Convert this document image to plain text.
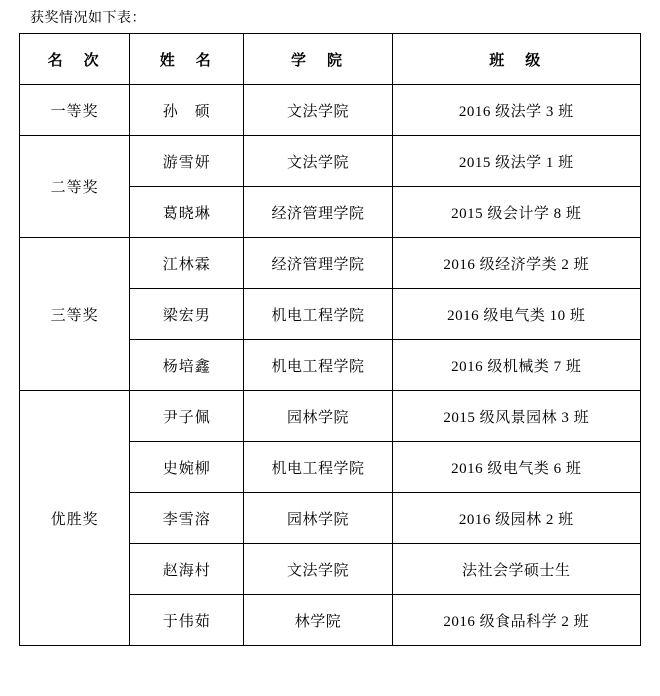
获奖情况如下表：
名　次	姓　名	学　院	班　级
一等奖	孙　硕	文法学院	2016 级法学 3 班
二等奖	游雪妍	文法学院	2015 级法学 1 班
	葛晓琳	经济管理学院	2015 级会计学 8 班
三等奖	江林霖	经济管理学院	2016 级经济学类 2 班
	梁宏男	机电工程学院	2016 级电气类 10 班
	杨培鑫	机电工程学院	2016 级机械类 7 班
优胜奖	尹子佩	园林学院	2015 级风景园林 3 班
	史婉柳	机电工程学院	2016 级电气类 6 班
	李雪溶	园林学院	2016 级园林 2 班
	赵海村	文法学院	法社会学硕士生
	于伟茹	林学院	2016 级食品科学 2 班
